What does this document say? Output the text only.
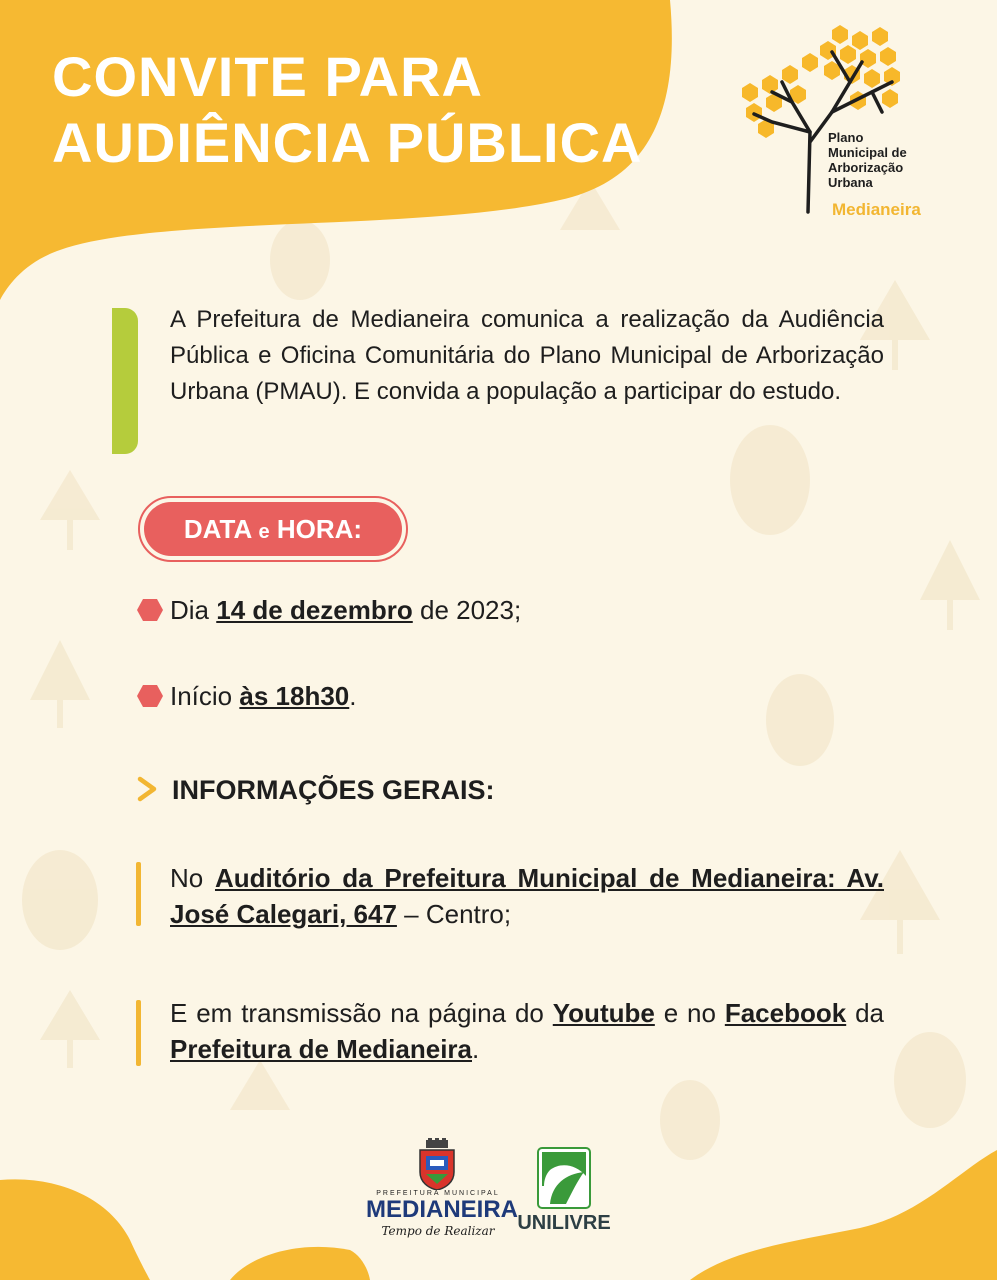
CONVITE PARA
AUDIÊNCIA PÚBLICA	Plano
Municipal de
Arborização
Urbana
Medianeira

A Prefeitura de Medianeira comunica a realização da Audiência Pública e Oficina Comunitária do Plano Municipal de Arborização Urbana (PMAU). E convida a população a participar do estudo.

DATA e HORA:

Dia 14 de dezembro de 2023;

Início às 18h30.

INFORMAÇÕES GERAIS:

No Auditório da Prefeitura Municipal de Medianeira: Av. José Calegari, 647 – Centro;

E em transmissão na página do Youtube e no Facebook da Prefeitura de Medianeira.

PREFEITURA MUNICIPAL
MEDIANEIRA
Tempo de Realizar	UNILIVRE
